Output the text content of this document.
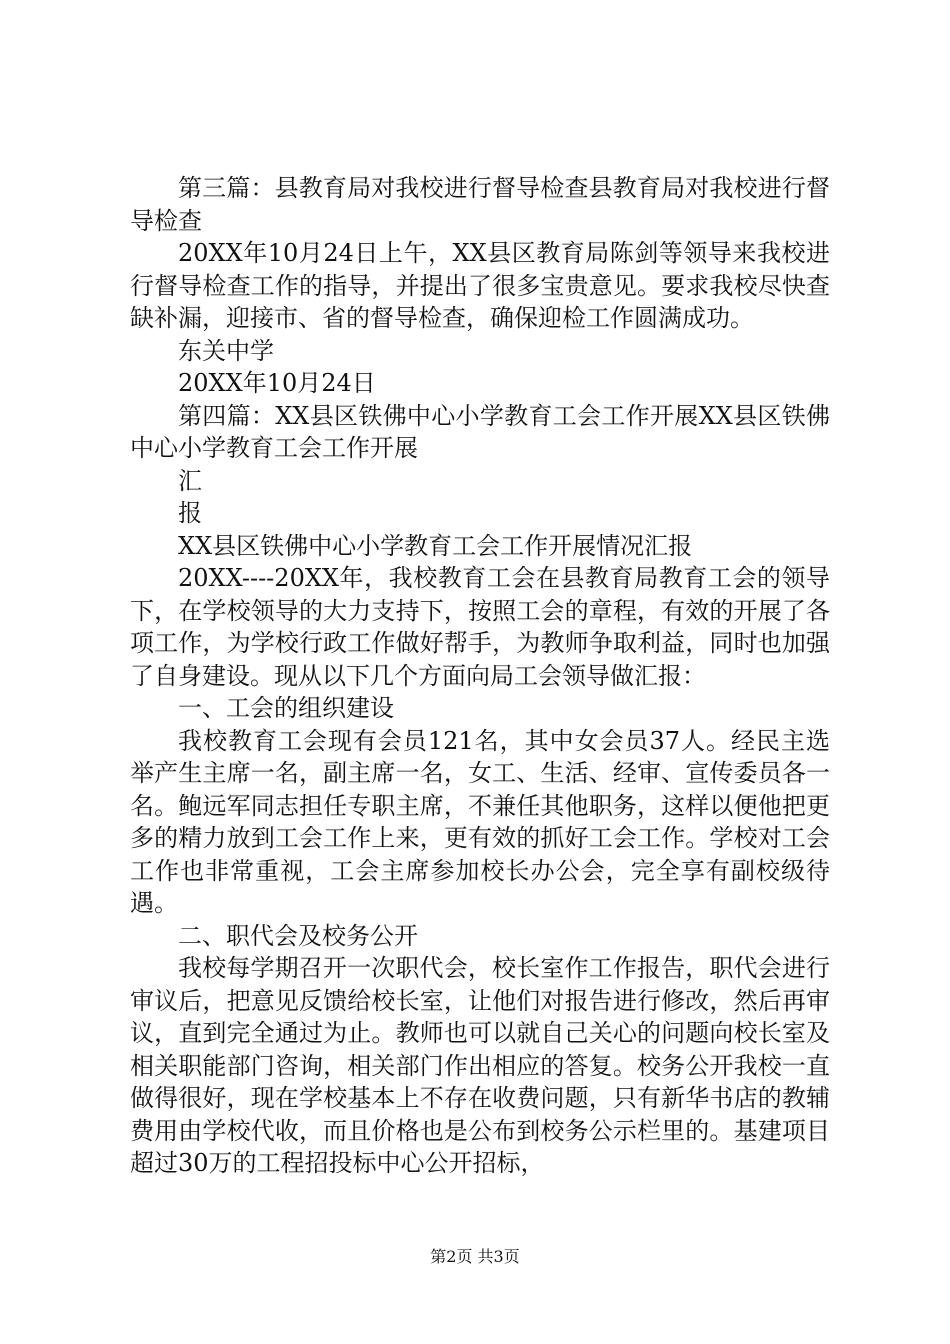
第三篇：县教育局对我校进行督导检查县教育局对我校进行督导检查

20XX年10月24日上午，XX县区教育局陈剑等领导来我校进行督导检查工作的指导，并提出了很多宝贵意见。要求我校尽快查缺补漏，迎接市、省的督导检查，确保迎检工作圆满成功。

东关中学

20XX年10月24日

第四篇：XX县区铁佛中心小学教育工会工作开展XX县区铁佛中心小学教育工会工作开展

汇

报

XX县区铁佛中心小学教育工会工作开展情况汇报

20XX----20XX年，我校教育工会在县教育局教育工会的领导下，在学校领导的大力支持下，按照工会的章程，有效的开展了各项工作，为学校行政工作做好帮手，为教师争取利益，同时也加强了自身建设。现从以下几个方面向局工会领导做汇报：

一、工会的组织建设

我校教育工会现有会员121名，其中女会员37人。经民主选举产生主席一名，副主席一名，女工、生活、经审、宣传委员各一名。鲍远军同志担任专职主席，不兼任其他职务，这样以便他把更多的精力放到工会工作上来，更有效的抓好工会工作。学校对工会工作也非常重视，工会主席参加校长办公会，完全享有副校级待遇。

二、职代会及校务公开

我校每学期召开一次职代会，校长室作工作报告，职代会进行审议后，把意见反馈给校长室，让他们对报告进行修改，然后再审议，直到完全通过为止。教师也可以就自己关心的问题向校长室及相关职能部门咨询，相关部门作出相应的答复。校务公开我校一直做得很好，现在学校基本上不存在收费问题，只有新华书店的教辅费用由学校代收，而且价格也是公布到校务公示栏里的。基建项目超过30万的工程招投标中心公开招标，

第2页 共3页
